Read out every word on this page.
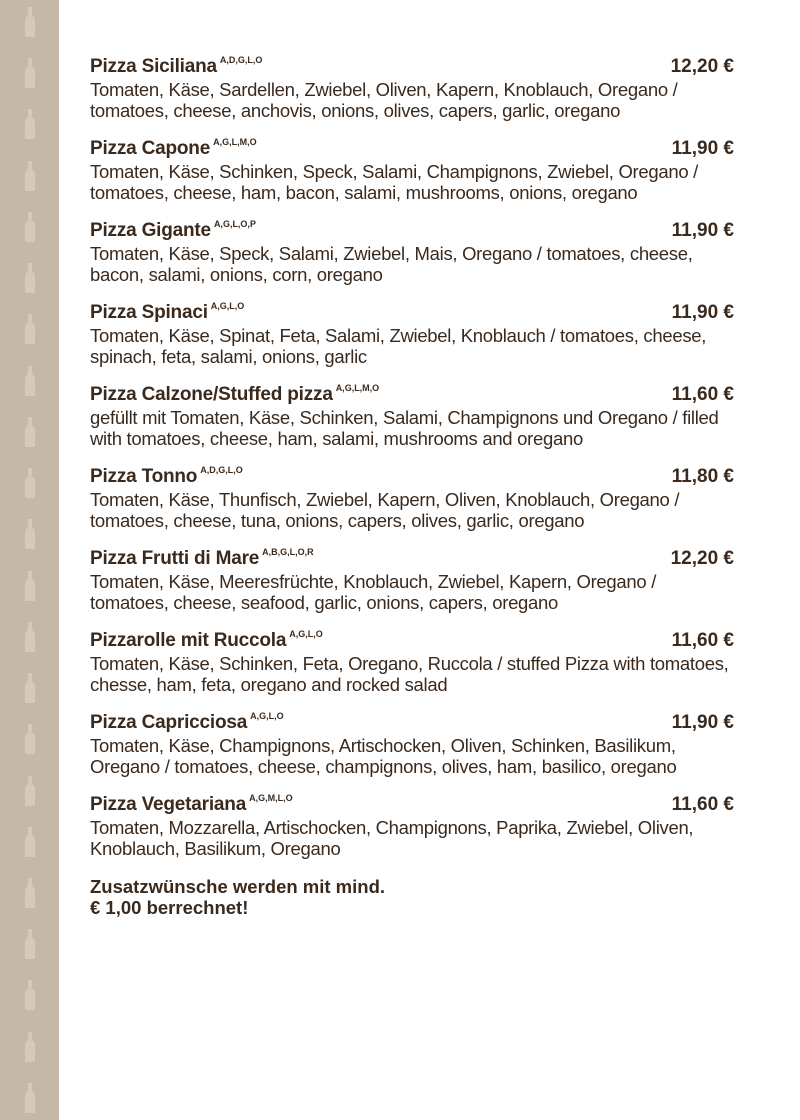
Pizza Siciliana $^{A,D,G,L,O}$	12,20 €
Tomaten, Käse, Sardellen, Zwiebel, Oliven, Kapern, Knoblauch, Oregano / tomatoes, cheese, anchovis, onions, olives, capers, garlic, oregano
Pizza Capone $^{A,G,L,M,O}$	11,90 €
Tomaten, Käse, Schinken, Speck, Salami, Champignons, Zwiebel, Oregano / tomatoes, cheese, ham, bacon, salami, mushrooms, onions, oregano
Pizza Gigante $^{A,G,L,O,P}$	11,90 €
Tomaten, Käse, Speck, Salami, Zwiebel, Mais, Oregano / tomatoes, cheese, bacon, salami, onions, corn, oregano
Pizza Spinaci $^{A,G,L,O}$	11,90 €
Tomaten, Käse, Spinat, Feta, Salami, Zwiebel, Knoblauch / tomatoes, cheese, spinach, feta, salami, onions, garlic
Pizza Calzone/Stuffed pizza $^{A,G,L,M,O}$	11,60 €
gefüllt mit Tomaten, Käse, Schinken, Salami, Champignons und Oregano / filled with tomatoes, cheese, ham, salami, mushrooms and oregano
Pizza Tonno $^{A,D,G,L,O}$	11,80 €
Tomaten, Käse, Thunfisch, Zwiebel, Kapern, Oliven, Knoblauch, Oregano / tomatoes, cheese, tuna, onions, capers, olives, garlic, oregano
Pizza Frutti di Mare $^{A,B,G,L,O,R}$	12,20 €
Tomaten, Käse, Meeresfrüchte, Knoblauch, Zwiebel, Kapern, Oregano / tomatoes, cheese, seafood, garlic, onions, capers, oregano
Pizzarolle mit Ruccola $^{A,G,L,O}$	11,60 €
Tomaten, Käse, Schinken, Feta, Oregano, Ruccola / stuffed Pizza with tomatoes, chesse, ham, feta, oregano and rocked salad
Pizza Capricciosa $^{A,G,L,O}$	11,90 €
Tomaten, Käse, Champignons, Artischocken, Oliven, Schinken, Basilikum, Oregano / tomatoes, cheese, champignons, olives, ham, basilico, oregano
Pizza Vegetariana $^{A,G,M,L,O}$	11,60 €
Tomaten, Mozzarella, Artischocken, Champignons, Paprika, Zwiebel, Oliven, Knoblauch, Basilikum, Oregano
Zusatzwünsche werden mit mind.
€ 1,00 berrechnet!
